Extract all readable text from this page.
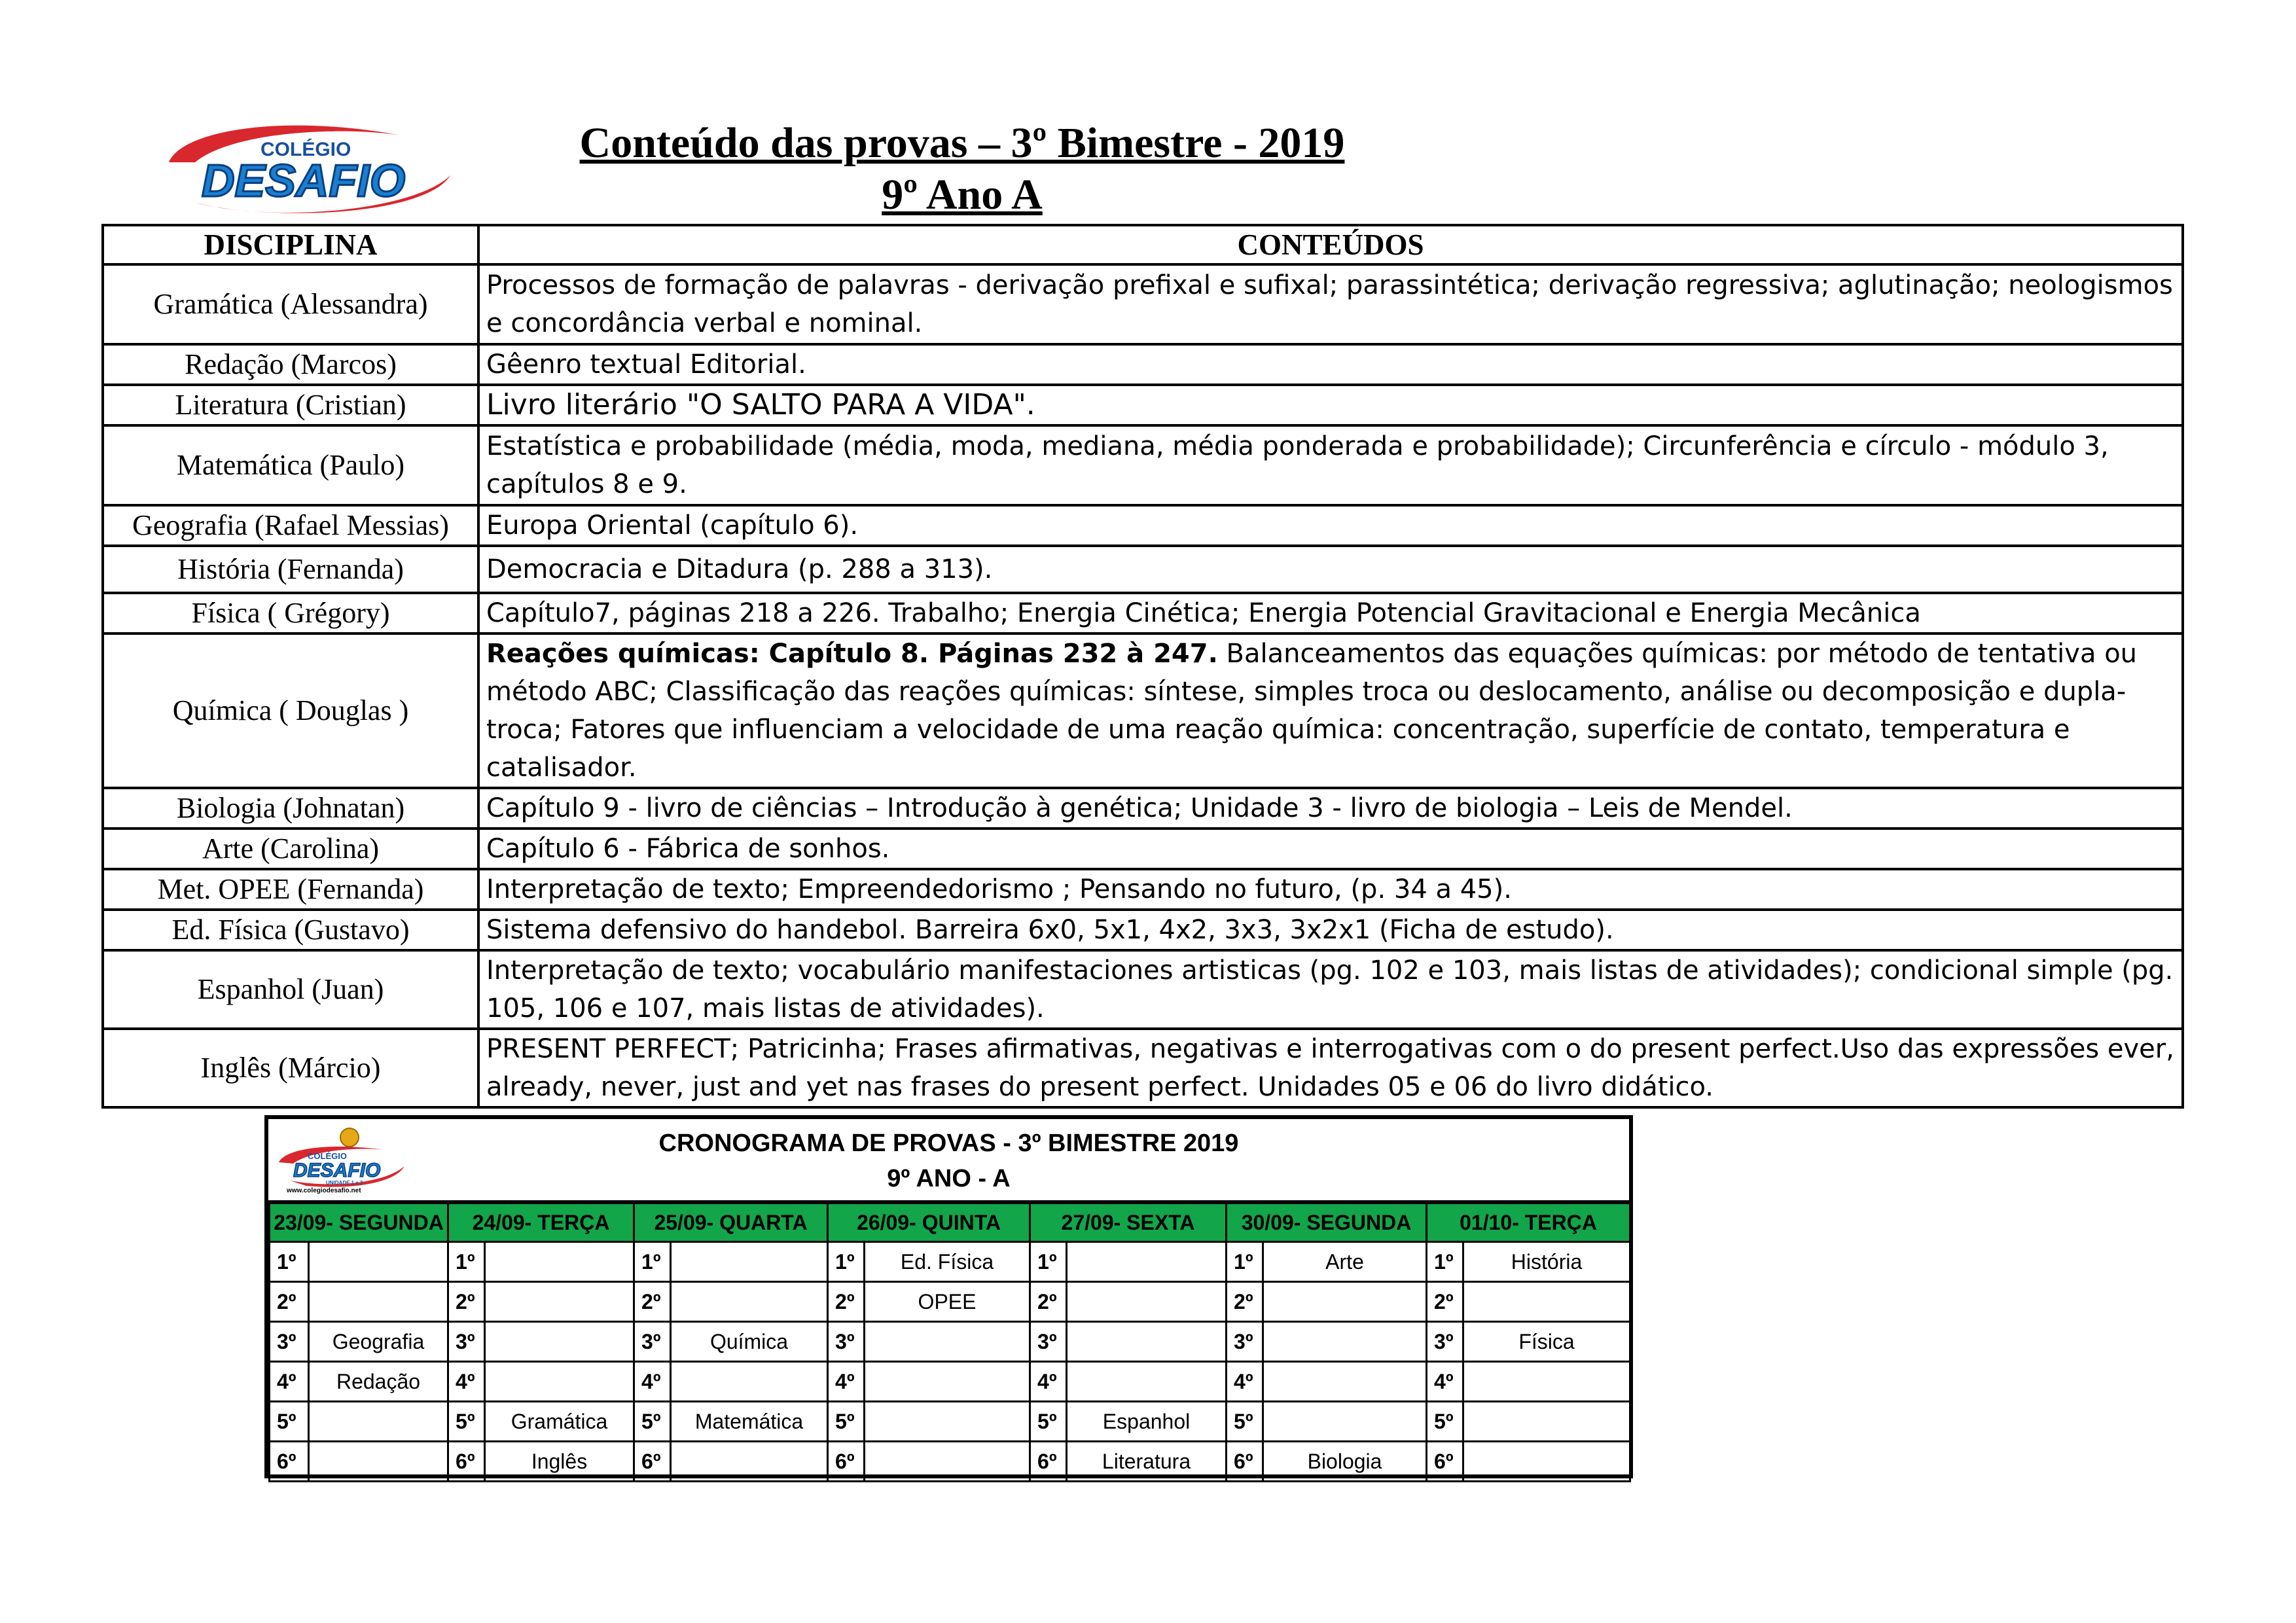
COLÉGIO
DESAFIO
Conteúdo das provas – 3º Bimestre - 2019
9º Ano A
DISCIPLINA	CONTEÚDOS
Gramática (Alessandra)	Processos de formação de palavras - derivação prefixal e sufixal; parassintética; derivação regressiva; aglutinação; neologismos e concordância verbal e nominal.
Redação (Marcos)	Gêenro textual Editorial.
Literatura (Cristian)	Livro literário "O SALTO PARA A VIDA".
Matemática (Paulo)	Estatística e probabilidade (média, moda, mediana, média ponderada e probabilidade); Circunferência e círculo - módulo 3, capítulos 8 e 9.
Geografia (Rafael Messias)	Europa Oriental (capítulo 6).
História (Fernanda)	Democracia e Ditadura (p. 288 a 313).
Física ( Grégory)	Capítulo7, páginas 218 a 226. Trabalho; Energia Cinética; Energia Potencial Gravitacional e Energia Mecânica
Química ( Douglas )	Reações químicas: Capítulo 8. Páginas 232 à 247. Balanceamentos das equações químicas: por método de tentativa ou método ABC; Classificação das reações químicas: síntese, simples troca ou deslocamento, análise ou decomposição e dupla-troca; Fatores que influenciam a velocidade de uma reação química: concentração, superfície de contato, temperatura e catalisador.
Biologia (Johnatan)	Capítulo 9 - livro de ciências – Introdução à genética; Unidade 3 - livro de biologia – Leis de Mendel.
Arte (Carolina)	Capítulo 6 - Fábrica de sonhos.
Met. OPEE (Fernanda)	Interpretação de texto; Empreendedorismo ; Pensando no futuro, (p. 34 a 45).
Ed. Física (Gustavo)	Sistema defensivo do handebol. Barreira 6x0, 5x1, 4x2, 3x3, 3x2x1 (Ficha de estudo).
Espanhol (Juan)	Interpretação de texto; vocabulário manifestaciones artisticas (pg. 102 e 103, mais listas de atividades); condicional simple (pg. 105, 106 e 107, mais listas de atividades).
Inglês (Márcio)	PRESENT PERFECT; Patricinha; Frases afirmativas, negativas e interrogativas com o do present perfect.Uso das expressões ever, already, never, just and yet nas frases do present perfect. Unidades 05 e 06 do livro didático.
COLÉGIO
DESAFIO
UNIDADE 1 e 2
www.colegiodesafio.net
CRONOGRAMA DE PROVAS - 3º BIMESTRE 2019
9º ANO - A
23/09- SEGUNDA		24/09- TERÇA		25/09- QUARTA		26/09- QUINTA		27/09- SEXTA		30/09- SEGUNDA		01/10- TERÇA	
1º		1º		1º		1º	Ed. Física	1º		1º	Arte	1º	História
2º		2º		2º		2º	OPEE	2º		2º		2º	
3º	Geografia	3º		3º	Química	3º		3º		3º		3º	Física
4º	Redação	4º		4º		4º		4º		4º		4º	
5º		5º	Gramática	5º	Matemática	5º		5º	Espanhol	5º		5º	
6º		6º	Inglês	6º		6º		6º	Literatura	6º	Biologia	6º	
